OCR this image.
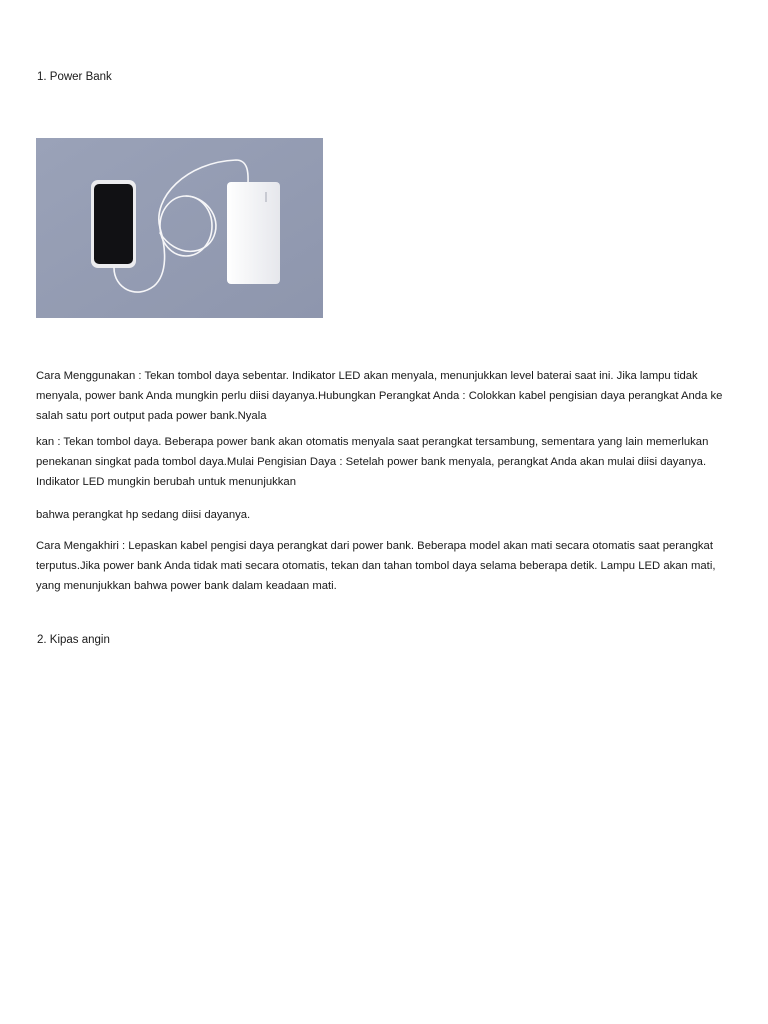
1. Power Bank

Cara Menggunakan : Tekan tombol daya sebentar. Indikator LED akan menyala, menunjukkan level baterai saat ini. Jika lampu tidak menyala, power bank Anda mungkin perlu diisi dayanya.Hubungkan Perangkat Anda : Colokkan kabel pengisian daya perangkat Anda ke salah satu port output pada power bank.Nyala

kan : Tekan tombol daya. Beberapa power bank akan otomatis menyala saat perangkat tersambung, sementara yang lain memerlukan penekanan singkat pada tombol daya.Mulai Pengisian Daya : Setelah power bank menyala, perangkat Anda akan mulai diisi dayanya. Indikator LED mungkin berubah untuk menunjukkan

bahwa perangkat hp sedang diisi dayanya.

Cara Mengakhiri : Lepaskan kabel pengisi daya perangkat dari power bank. Beberapa model akan mati secara otomatis saat perangkat terputus.Jika power bank Anda tidak mati secara otomatis, tekan dan tahan tombol daya selama beberapa detik. Lampu LED akan mati, yang menunjukkan bahwa power bank dalam keadaan mati.

2. Kipas angin
